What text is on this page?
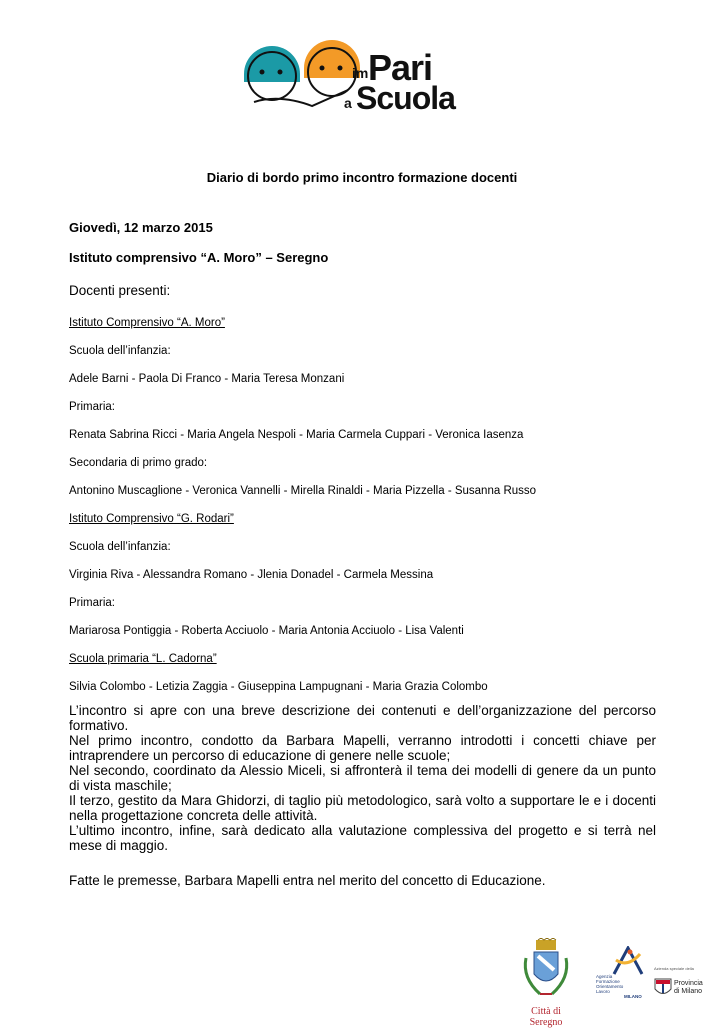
im Pari
a Scuola
Diario di bordo primo incontro formazione docenti
Giovedì, 12 marzo 2015
Istituto comprensivo “A. Moro” – Seregno
Docenti presenti:
Istituto Comprensivo “A. Moro”
Scuola dell’infanzia:
Adele Barni - Paola Di Franco - Maria Teresa Monzani
Primaria:
Renata Sabrina Ricci - Maria Angela Nespoli - Maria Carmela Cuppari - Veronica Iasenza
Secondaria di primo grado:
Antonino Muscaglione - Veronica Vannelli - Mirella Rinaldi - Maria Pizzella - Susanna Russo
Istituto Comprensivo “G. Rodari”
Scuola dell’infanzia:
Virginia Riva - Alessandra Romano - Jlenia Donadel - Carmela Messina
Primaria:
Mariarosa Pontiggia - Roberta Acciuolo - Maria Antonia Acciuolo - Lisa Valenti
Scuola primaria “L. Cadorna”
Silvia Colombo - Letizia Zaggia - Giuseppina Lampugnani - Maria Grazia Colombo

L’incontro si apre con una breve descrizione dei contenuti e dell’organizzazione del percorso formativo.

Nel primo incontro, condotto da Barbara Mapelli, verranno introdotti i concetti chiave per intraprendere un percorso di educazione di genere nelle scuole;

Nel secondo, coordinato da Alessio Miceli, si affronterà il tema dei modelli di genere da un punto di vista maschile;

Il terzo, gestito da Mara Ghidorzi, di taglio più metodologico, sarà volto a supportare le e i docenti nella progettazione concreta delle attività.

L’ultimo incontro, infine, sarà dedicato alla valutazione complessiva del progetto e si terrà nel mese di maggio.

Fatte le premesse, Barbara Mapelli entra nel merito del concetto di Educazione.
Città di Seregno
Agenzia
Formazione
Orientamento
Lavoro
MILANO
Azienda speciale della
Provincia
di Milano
